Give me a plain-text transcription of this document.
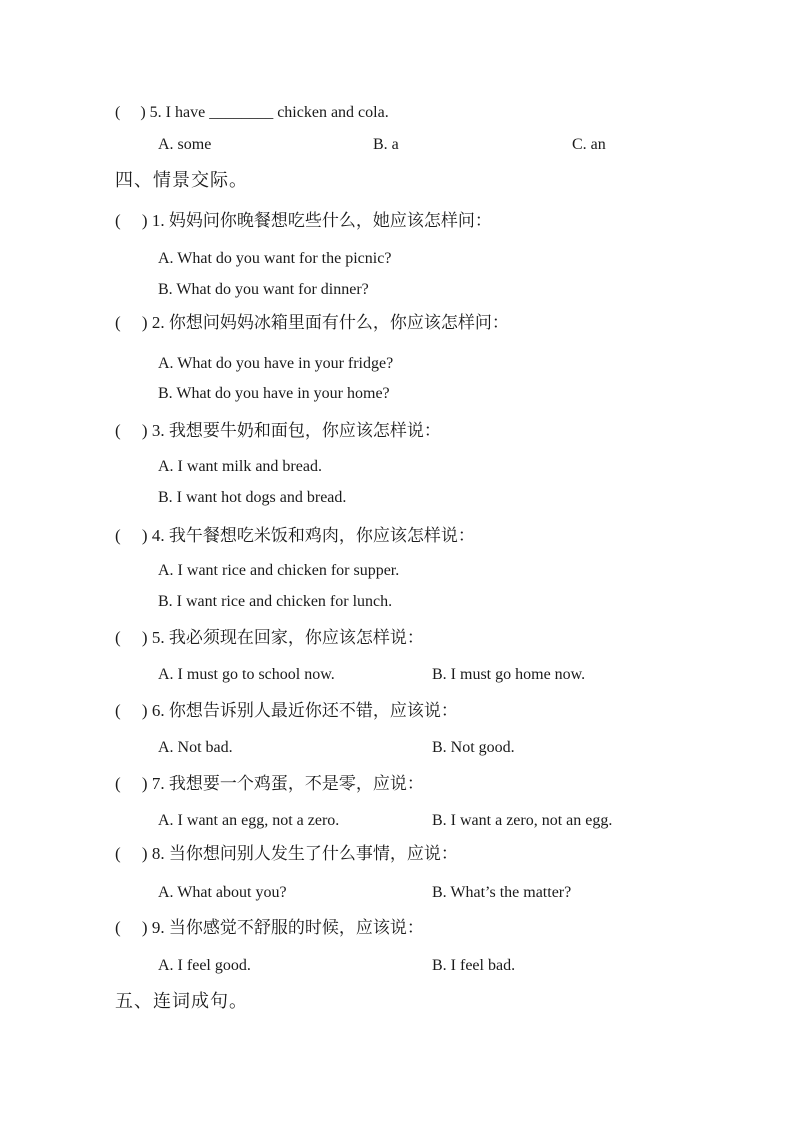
(　 ) 5. I have ________ chicken and cola.
A. some	B. a	C. an
四、情景交际。
(　 ) 1. 妈妈问你晚餐想吃些什么，她应该怎样问：
A. What do you want for the picnic?
B. What do you want for dinner?
(　 ) 2. 你想问妈妈冰箱里面有什么，你应该怎样问：
A. What do you have in your fridge?
B. What do you have in your home?
(　 ) 3. 我想要牛奶和面包，你应该怎样说：
A. I want milk and bread.
B. I want hot dogs and bread.
(　 ) 4. 我午餐想吃米饭和鸡肉，你应该怎样说：
A. I want rice and chicken for supper.
B. I want rice and chicken for lunch.
(　 ) 5. 我必须现在回家，你应该怎样说：
A. I must go to school now.	B. I must go home now.
(　 ) 6. 你想告诉别人最近你还不错，应该说：
A. Not bad.	B. Not good.
(　 ) 7. 我想要一个鸡蛋，不是零，应说：
A. I want an egg, not a zero.	B. I want a zero, not an egg.
(　 ) 8. 当你想问别人发生了什么事情，应说：
A. What about you?	B. What’s the matter?
(　 ) 9. 当你感觉不舒服的时候，应该说：
A. I feel good.	B. I feel bad.
五、连词成句。
